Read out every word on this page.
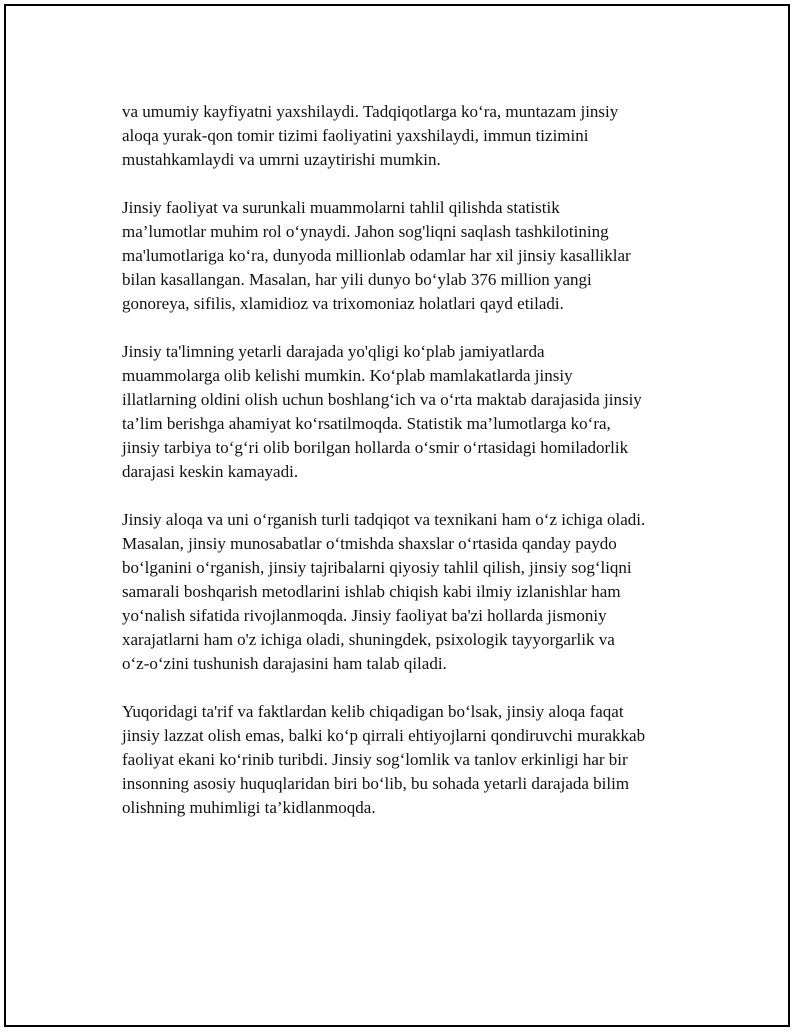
va umumiy kayfiyatni yaxshilaydi. Tadqiqotlarga ko‘ra, muntazam jinsiy
aloqa yurak-qon tomir tizimi faoliyatini yaxshilaydi, immun tizimini
mustahkamlaydi va umrni uzaytirishi mumkin.

Jinsiy faoliyat va surunkali muammolarni tahlil qilishda statistik
ma’lumotlar muhim rol o‘ynaydi. Jahon sog'liqni saqlash tashkilotining
ma'lumotlariga ko‘ra, dunyoda millionlab odamlar har xil jinsiy kasalliklar
bilan kasallangan. Masalan, har yili dunyo bo‘ylab 376 million yangi
gonoreya, sifilis, xlamidioz va trixomoniaz holatlari qayd etiladi.

Jinsiy ta'limning yetarli darajada yo'qligi ko‘plab jamiyatlarda
muammolarga olib kelishi mumkin. Ko‘plab mamlakatlarda jinsiy
illatlarning oldini olish uchun boshlang‘ich va o‘rta maktab darajasida jinsiy
ta’lim berishga ahamiyat ko‘rsatilmoqda. Statistik ma’lumotlarga ko‘ra,
jinsiy tarbiya to‘g‘ri olib borilgan hollarda o‘smir o‘rtasidagi homiladorlik
darajasi keskin kamayadi.

Jinsiy aloqa va uni o‘rganish turli tadqiqot va texnikani ham o‘z ichiga oladi.
Masalan, jinsiy munosabatlar o‘tmishda shaxslar o‘rtasida qanday paydo
bo‘lganini o‘rganish, jinsiy tajribalarni qiyosiy tahlil qilish, jinsiy sog‘liqni
samarali boshqarish metodlarini ishlab chiqish kabi ilmiy izlanishlar ham
yo‘nalish sifatida rivojlanmoqda. Jinsiy faoliyat ba'zi hollarda jismoniy
xarajatlarni ham o'z ichiga oladi, shuningdek, psixologik tayyorgarlik va
o‘z-o‘zini tushunish darajasini ham talab qiladi.

Yuqoridagi ta'rif va faktlardan kelib chiqadigan bo‘lsak, jinsiy aloqa faqat
jinsiy lazzat olish emas, balki ko‘p qirrali ehtiyojlarni qondiruvchi murakkab
faoliyat ekani ko‘rinib turibdi. Jinsiy sog‘lomlik va tanlov erkinligi har bir
insonning asosiy huquqlaridan biri bo‘lib, bu sohada yetarli darajada bilim
olishning muhimligi ta’kidlanmoqda.
